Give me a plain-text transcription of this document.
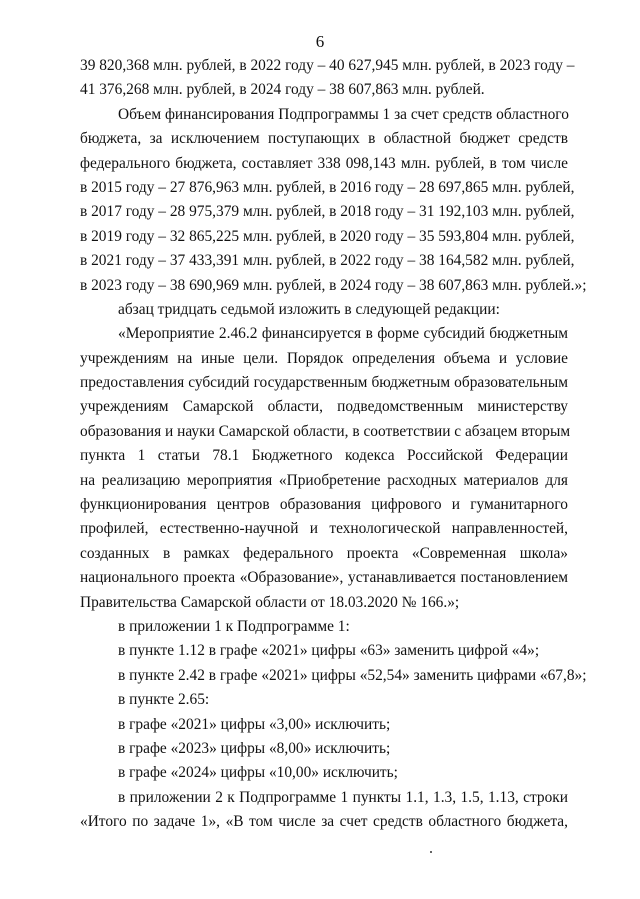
6
39 820,368 млн. рублей, в 2022 году – 40 627,945 млн. рублей, в 2023 году –
41 376,268 млн. рублей, в 2024 году – 38 607,863 млн. рублей.
Объем финансирования Подпрограммы 1 за счет средств областного
бюджета, за исключением поступающих в областной бюджет средств
федерального бюджета, составляет 338 098,143 млн. рублей, в том числе
в 2015 году – 27 876,963 млн. рублей, в 2016 году – 28 697,865 млн. рублей,
в 2017 году – 28 975,379 млн. рублей, в 2018 году – 31 192,103 млн. рублей,
в 2019 году – 32 865,225 млн. рублей, в 2020 году – 35 593,804 млн. рублей,
в 2021 году – 37 433,391 млн. рублей, в 2022 году – 38 164,582 млн. рублей,
в 2023 году – 38 690,969 млн. рублей, в 2024 году – 38 607,863 млн. рублей.»;
абзац тридцать седьмой изложить в следующей редакции:
«Мероприятие 2.46.2 финансируется в форме субсидий бюджетным
учреждениям на иные цели. Порядок определения объема и условие
предоставления субсидий государственным бюджетным образовательным
учреждениям Самарской области, подведомственным министерству
образования и науки Самарской области, в соответствии с абзацем вторым
пункта 1 статьи 78.1 Бюджетного кодекса Российской Федерации
на реализацию мероприятия «Приобретение расходных материалов для
функционирования центров образования цифрового и гуманитарного
профилей, естественно-научной и технологической направленностей,
созданных в рамках федерального проекта «Современная школа»
национального проекта «Образование», устанавливается постановлением
Правительства Самарской области от 18.03.2020 № 166.»;
в приложении 1 к Подпрограмме 1:
в пункте 1.12 в графе «2021» цифры «63» заменить цифрой «4»;
в пункте 2.42 в графе «2021» цифры «52,54» заменить цифрами «67,8»;
в пункте 2.65:
в графе «2021» цифры «3,00» исключить;
в графе «2023» цифры «8,00» исключить;
в графе «2024» цифры «10,00» исключить;
в приложении 2 к Подпрограмме 1 пункты 1.1, 1.3, 1.5, 1.13, строки
«Итого по задаче 1», «В том числе за счет средств областного бюджета,
